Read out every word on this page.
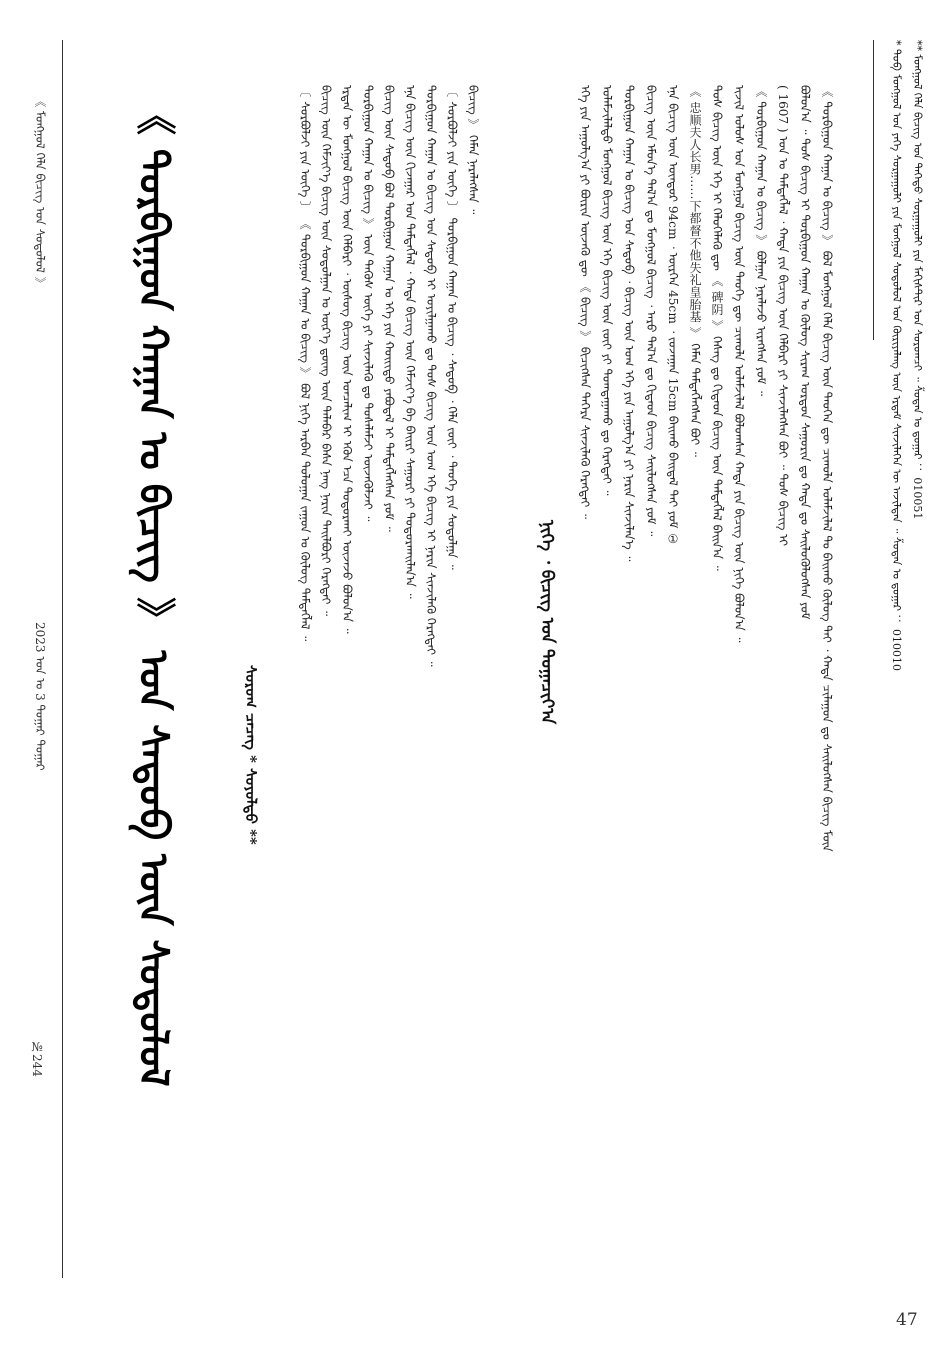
《 ᠮᠣᠩᠭᠣᠯ ᠬᠡᠯᠡ ᠪᠢᠴᠢᠭ ᠤᠨ ᠰᠤᠳᠤᠯᠤᠯ 》
2023 ᠣᠨ ᠤ 3 ᠳᠤᠭᠠᠷ ᠳᠤᠭᠠᠷ
№244	《 ᠲᠤᠷᠪᠢᠭᠤᠨ ᠬᠠᠭᠠᠨ ᠤ ᠪᠢᠴᠢᠭ 》 ᠤᠨ ᠰᠡᠳᠦᠪ ᠦᠨ ᠰᠤᠳᠤᠯᠤᠯ	ᠰᠤᠷᠤᠭ ᠴᠡᠴᠡᠭ * ᠰᠤᠶᠤᠯᠲᠤ **
〔 ᠰᠤᠷᠪᠤᠯᠵᠢ ᠶᠢᠨ ᠦᠭᠡ 〕 《 ᠲᠤᠷᠪᠢᠭᠤᠨ ᠬᠠᠭᠠᠨ ᠤ ᠪᠢᠴᠢᠭ 》 ᠪᠣᠯ ᠨᠢᠭᠡ ᠠᠷᠪᠠᠨ ᠳᠣᠯᠣᠭᠠᠨ ᠵᠠᠭᠤᠨ ᠤ ᠬᠦᠯᠦᠭ ᠲᠡᠮᠳᠡᠭᠯᠡᠯ ᠃ ᠪᠢᠴᠢᠭ ᠦᠨ ᠬᠡᠮᠵᠢᠶ᠎ᠡ ᠪᠢᠴᠢᠭ ᠦᠨ ᠰᠤᠳᠤᠯᠭᠠᠨ ᠤ ᠦᠷ᠎ᠡ ᠳ᠋ᠦᠩ ᠦᠨ ᠲᠠᠯᠠᠪᠠᠷ ᠪᠠᠰᠠ ᠨᠡᠩ ᠨᠠᠷᠢᠨ ᠲᠠᠢᠯᠪᠤᠷᠢ ᠬᠡᠷᠡᠭᠲᠡᠢ ᠃ ᠡᠷᠲᠡᠨ ᠦ ᠮᠣᠩᠭᠣᠯ ᠪᠢᠴᠢᠭ ᠦᠨ ᠬᠡᠯᠪᠡᠷᠢ ᠂ ᠦᠰᠦᠭ ᠪᠢᠴᠢᠭ ᠦᠨ ᠤᠨᠴᠠᠯᠢᠭ ᠢ ᠡᠭᠦᠨ ᠡᠴᠡ ᠲᠤᠳᠤᠷᠬᠠᠢ ᠦᠵᠡᠵᠦ ᠪᠣᠯᠤᠨ᠎ᠠ ᠃ ᠲᠤᠷᠪᠢᠭᠤᠨ ᠬᠠᠭᠠᠨ ᠤ ᠪᠢᠴᠢᠭ 》 ᠦᠨ ᠲᠡᠭᠦᠰ ᠦᠭᠡ ᠶᠢ ᠰᠢᠨᠵᠢᠯᠡᠬᠦ ᠳᠤ ᠲᠤᠰᠠᠯᠠᠮᠵᠢ ᠦᠵᠡᠭᠦᠯᠵᠡᠢ ᠃ ᠪᠢᠴᠢᠭ ᠦᠨ ᠰᠡᠳᠦᠪ ᠪᠣᠯ ᠲᠤᠷᠪᠢᠭᠤᠨ ᠬᠠᠭᠠᠨ ᠤ ᠡᠬᠡ ᠶᠢᠨ ᠬᠣᠢᠢᠲᠤ ᠶᠠᠪᠤᠳᠠᠯ ᠢ ᠲᠡᠮᠳᠡᠭᠯᠡᠭᠰᠡᠨ ᠶᠤᠮ ᠃ ᠡᠨᠡ ᠪᠢᠴᠢᠭ ᠦᠨ ᠬᠢᠵᠠᠭᠠᠷ ᠤᠨ ᠲᠡᠮᠳᠡᠭᠯᠡᠯ ᠂ ᠬᠠᠳᠠ ᠪᠢᠴᠢᠭ ᠦᠨ ᠬᠡᠮᠵᠢᠶ᠎ᠡ ᠪᠠ ᠪᠠᠢᠷᠢ ᠰᠠᠭᠤᠷᠢ ᠶᠢ ᠲᠣᠳᠤᠷᠬᠠᠢᠯᠠᠨ᠎ᠠ ᠃ ᠲᠤᠷᠪᠢᠭᠤᠨ ᠬᠠᠭᠠᠨ ᠤ ᠪᠢᠴᠢᠭ ᠤᠨ ᠰᠡᠳᠦᠪ ᠢ ᠣᠶᠢᠯᠭᠠᠬᠤ ᠳᠤ ᠲᠤᠰ ᠪᠢᠴᠢᠭ ᠦᠨ ᠤᠭ ᠡᠬᠡ ᠪᠢᠴᠢᠭ ᠢ ᠨᠠᠷᠢᠨ ᠰᠢᠨᠵᠢᠯᠡᠬᠦ ᠬᠡᠷᠡᠭᠲᠡᠢ ᠃ 〔 ᠰᠤᠷᠪᠤᠯᠵᠢ ᠶᠢᠨ ᠦᠭᠡ 〕 ᠲᠤᠷᠪᠢᠭᠤᠨ ᠬᠠᠭᠠᠨ ᠤ ᠪᠢᠴᠢᠭ ᠂ ᠰᠡᠳᠦᠪ ᠂ ᠬᠡᠯᠡ ᠵᠦᠢ ᠂ ᠲᠡᠦᠬᠡ ᠶᠢᠨ ᠰᠤᠳᠤᠯᠭᠠ ᠃ ᠪᠢᠴᠢᠭ 》 ᠬᠡᠮᠡᠨ ᠨᠡᠷᠡᠯᠡᠭᠰᠡᠨ ᠃
ᠨᠢᠭᠡ ᠂ ᠪᠢᠴᠢᠭ ᠤᠨ ᠲᠣᠭᠠᠴᠢᠶ᠎ᠠ
ᠡᠬᠡ ᠶᠢᠨ ᠠᠭᠤᠯᠭ᠎ᠠ ᠶᠢ ᠪᠦᠷᠢᠨ ᠦᠵᠡᠬᠦ ᠳᠦ 《 ᠪᠢᠴᠢᠭ 》 ᠪᠢᠴᠢᠭᠰᠡᠨ ᠳᠡᠭᠡᠷᠡ ᠰᠢᠨᠵᠢᠯᠡᠬᠦ ᠬᠡᠷᠡᠭᠲᠡᠢ ᠃ ᠤᠯᠠᠮᠵᠢᠯᠠᠯᠲᠤ ᠮᠣᠩᠭᠣᠯ ᠪᠢᠴᠢᠭ ᠦᠨ ᠡᠬᠡ ᠪᠢᠴᠢᠭ ᠦᠨ ᠵᠦᠢ ᠶᠢ ᠲᠣᠭᠲᠠᠭᠠᠬᠤ ᠳᠤ ᠬᠡᠷᠡᠭᠲᠡᠢ ᠃ ᠲᠤᠷᠪᠢᠭᠤᠨ ᠬᠠᠭᠠᠨ ᠤ ᠪᠢᠴᠢᠭ ᠤᠨ ᠰᠡᠳᠦᠪ ᠂ ᠪᠢᠴᠢᠭ ᠦᠨ ᠤᠭ ᠡᠬᠡ ᠶᠢᠨ ᠠᠭᠤᠯᠭ᠎ᠠ ᠶᠢ ᠨᠠᠷᠢᠨ ᠰᠢᠨᠵᠢᠯᠡᠨ᠎ᠡ ᠃ ᠪᠢᠴᠢᠭ ᠦᠨ ᠡᠮᠦᠨ᠎ᠡ ᠲᠠᠯ᠎ᠠ ᠳᠤ ᠮᠣᠩᠭᠣᠯ ᠪᠢᠴᠢᠭ ᠂ ᠠᠷᠤ ᠲᠠᠯ᠎ᠠ ᠳᠤ ᠬᠢᠲᠠᠳ ᠪᠢᠴᠢᠭ ᠰᠡᠢᠯᠦᠭᠰᠡᠨ ᠶᠤᠮ ᠃ ᠡᠨᠡ ᠪᠢᠴᠢᠭ ᠦᠨ ᠦᠨᠳᠦᠷ 94cm ᠂ ᠥᠷᠭᠡᠨ 45cm ᠂ ᠵᠤᠵᠠᠭᠠᠨ 15cm ᠪᠠᠢᠬᠤ ᠪᠠᠢᠳᠠᠯ ᠲᠠᠢ ᠶᠤᠮ ① 《 忠顺夫人长男……下都督不他失礼皇胎基 》 ᠬᠡᠮᠡᠨ ᠲᠡᠮᠳᠡᠭᠯᠡᠭᠰᠡᠨ ᠪᠤᠢ ᠃ ᠲᠤᠰ ᠪᠢᠴᠢᠭ ᠦᠨ ᠡᠬᠡ ᠢ ᠬᠡᠯᠦᠭᠡᠯᠡᠬᠦ ᠳᠦ 《 碑阴 》 ᠬᠡᠰᠡᠭ ᠳᠤ ᠬᠢᠲᠠᠳ ᠪᠢᠴᠢᠭ ᠦᠨ ᠲᠡᠮᠳᠡᠭᠯᠡᠯ ᠪᠠᠢᠨ᠎ᠠ ᠃ ᠢᠵᠢᠯ ᠤᠯᠤᠰ ᠤᠨ ᠮᠣᠩᠭᠣᠯ ᠪᠢᠴᠢᠭ ᠦᠨ ᠲᠡᠦᠬᠡ ᠳᠦ ᠴᠢᠬᠤᠯᠠ ᠤᠯᠠᠮᠵᠢᠯᠠᠯ ᠪᠣᠯᠤᠭᠰᠠᠨ ᠬᠠᠳᠠ ᠶᠢᠨ ᠪᠢᠴᠢᠭ ᠦᠨ ᠨᠢᠭᠡ ᠪᠣᠯᠤᠨ᠎ᠠ ᠃ 《 ᠲᠤᠷᠪᠢᠭᠤᠨ ᠬᠠᠭᠠᠨ ᠤ ᠪᠢᠴᠢᠭ 》 ᠪᠣᠯᠭᠠᠨ ᠨᠡᠷᠡᠯᠡᠵᠦ ᠢᠷᠡᠭᠰᠡᠨ ᠶᠤᠮ ᠃ ( 1607 ) ᠣᠨ ᠤ ᠲᠡᠮᠳᠡᠭᠯᠡᠯ ᠂ ᠬᠠᠳᠠ ᠶᠢᠨ ᠪᠢᠴᠢᠭ ᠦᠨ ᠬᠡᠯᠪᠡᠷᠢ ᠶᠢ ᠰᠢᠨᠵᠢᠯᠡᠭᠰᠡᠨ ᠪᠤᠢ ᠃ ᠲᠤᠰ ᠪᠢᠴᠢᠭ ᠢ ᠪᠣᠯᠤᠨ᠎ᠠ ᠃ ᠲᠤᠰ ᠪᠢᠴᠢᠭ ᠢ ᠲᠤᠷᠪᠢᠭᠤᠨ ᠬᠠᠭᠠᠨ ᠤ ᠬᠦᠯᠦᠭ ᠰᠢᠷᠠᠭ ᠣᠷᠳᠤᠨ ᠰᠠᠭᠤᠷᠢᠨ ᠳᠤ ᠬᠠᠳᠠ ᠳᠤ ᠰᠡᠢᠯᠦᠭᠦᠯᠦᠭᠰᠡᠨ ᠶᠤᠮ 《 ᠲᠤᠷᠪᠢᠭᠤᠨ ᠬᠠᠭᠠᠨ ᠤ ᠪᠢᠴᠢᠭ 》 ᠪᠤᠯ ᠮᠣᠩᠭᠣᠯ ᠬᠡᠯᠡ ᠪᠢᠴᠢᠭ ᠦᠨ ᠲᠡᠦᠬᠡᠨ ᠳᠦ ᠴᠢᠬᠤᠯᠠ ᠤᠯᠠᠮᠵᠢᠯᠠᠯ ᠲᠤ ᠪᠠᠢᠬᠤ ᠬᠦᠯᠦᠭ ᠲᠠᠢ ᠂ ᠬᠠᠳᠠ ᠴᠢᠯᠠᠭᠤᠨ ᠳᠤ ᠰᠡᠢᠯᠦᠭᠰᠡᠨ ᠪᠢᠴᠢᠭ ᠮᠥᠨ	* ᠲᠣᠪ ᠮᠣᠩᠭᠣᠯ ᠤᠨ ᠶᠡᠬᠡ ᠰᠤᠷᠭᠠᠭᠤᠯᠢ ᠶᠢᠨ ᠮᠣᠩᠭᠣᠯ ᠰᠤᠳᠤᠯᠤᠯ ᠤᠨ ᠬᠦᠷᠢᠶᠡᠯᠡᠩ ᠦᠨ ᠡᠷᠳᠡᠮ ᠰᠢᠨᠵᠢᠯᠡᠭᠡᠨ ᠦ ᠠᠵᠢᠯᠲᠠᠨ ᠃ ᠱᠤᠳᠠᠨ ᠤ ᠳ᠋ᠤᠭᠠᠷ ： 010010 ** ᠮᠣᠩᠭᠣᠯ ᠬᠡᠯᠡ ᠪᠢᠴᠢᠭ ᠤᠨ ᠳᠡᠭᠡᠳᠦ ᠰᠤᠷᠭᠠᠭᠤᠯᠢ ᠶᠢᠨ ᠮᠠᠭᠢᠰᠲ᠋ᠢᠷ ᠤᠨ ᠰᠤᠷᠤᠭᠴᠢ ᠃ ᠱᠤᠳᠠᠨ ᠤ ᠳ᠋ᠤᠭᠠᠷ ： 010051
47
